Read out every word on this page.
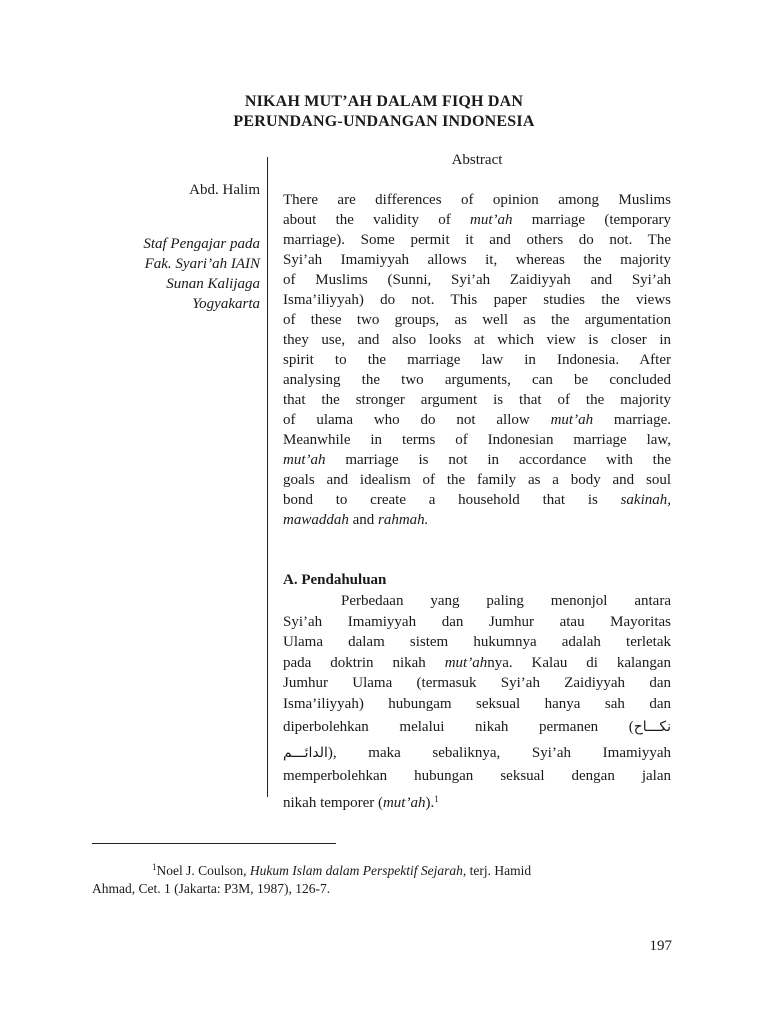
NIKAH MUT’AH DALAM FIQH DAN
PERUNDANG-UNDANGAN INDONESIA
Abd. Halim
Staf Pengajar pada
Fak. Syari’ah IAIN
Sunan Kalijaga
Yogyakarta
Abstract
There are differences of opinion among Muslims
about the validity of mut’ah marriage (temporary
marriage). Some permit it and others do not. The
Syi’ah Imamiyyah allows it, whereas the majority
of Muslims (Sunni, Syi’ah Zaidiyyah and Syi’ah
Isma’iliyyah) do not. This paper studies the views
of these two groups, as well as the argumentation
they use, and also looks at which view is closer in
spirit to the marriage law in Indonesia. After
analysing the two arguments, can be concluded
that the stronger argument is that of the majority
of ulama who do not allow mut’ah marriage.
Meanwhile in terms of Indonesian marriage law,
mut’ah marriage is not in accordance with the
goals and idealism of the family as a body and soul
bond to create a household that is sakinah,
mawaddah and rahmah.
A. Pendahuluan
Perbedaan yang paling menonjol antara
Syi’ah Imamiyyah dan Jumhur atau Mayoritas
Ulama dalam sistem hukumnya adalah terletak
pada doktrin nikah mut’ahnya. Kalau di kalangan
Jumhur Ulama (termasuk Syi’ah Zaidiyyah dan
Isma’iliyyah) hubungam seksual hanya sah dan
diperbolehkan melalui nikah permanen (نكـــاح
الدائـــم), maka sebaliknya, Syi’ah Imamiyyah
memperbolehkan hubungan seksual dengan jalan
nikah temporer (mut’ah).$^1$
$^1$Noel J. Coulson, Hukum Islam dalam Perspektif Sejarah, terj. Hamid
Ahmad, Cet. 1 (Jakarta: P3M, 1987), 126-7.
197
